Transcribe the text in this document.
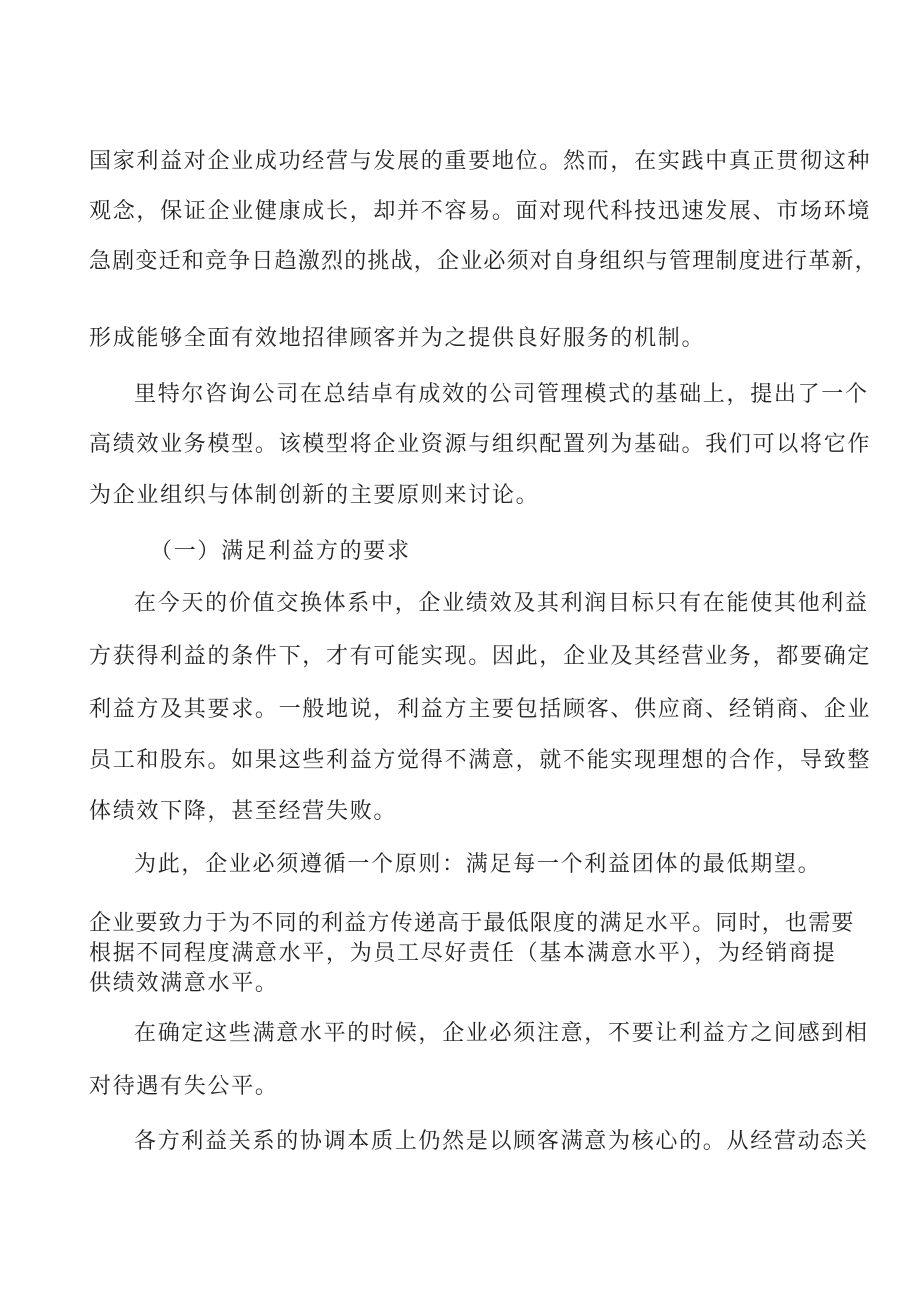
国家利益对企业成功经营与发展的重要地位。然而，在实践中真正贯彻这种
观念，保证企业健康成长，却并不容易。面对现代科技迅速发展、市场环境
急剧变迁和竞争日趋激烈的挑战，企业必须对自身组织与管理制度进行革新，
形成能够全面有效地招律顾客并为之提供良好服务的机制。
里特尔咨询公司在总结卓有成效的公司管理模式的基础上，提出了一个
高绩效业务模型。该模型将企业资源与组织配置列为基础。我们可以将它作
为企业组织与体制创新的主要原则来讨论。
（一）满足利益方的要求
在今天的价值交换体系中，企业绩效及其利润目标只有在能使其他利益
方获得利益的条件下，才有可能实现。因此，企业及其经营业务，都要确定
利益方及其要求。一般地说，利益方主要包括顾客、供应商、经销商、企业
员工和股东。如果这些利益方觉得不满意，就不能实现理想的合作，导致整
体绩效下降，甚至经营失败。
为此，企业必须遵循一个原则：满足每一个利益团体的最低期望。
企业要致力于为不同的利益方传递高于最低限度的满足水平。同时，也需要
根据不同程度满意水平，为员工尽好责任（基本满意水平），为经销商提
供绩效满意水平。
在确定这些满意水平的时候，企业必须注意，不要让利益方之间感到相
对待遇有失公平。
各方利益关系的协调本质上仍然是以顾客满意为核心的。从经营动态关
